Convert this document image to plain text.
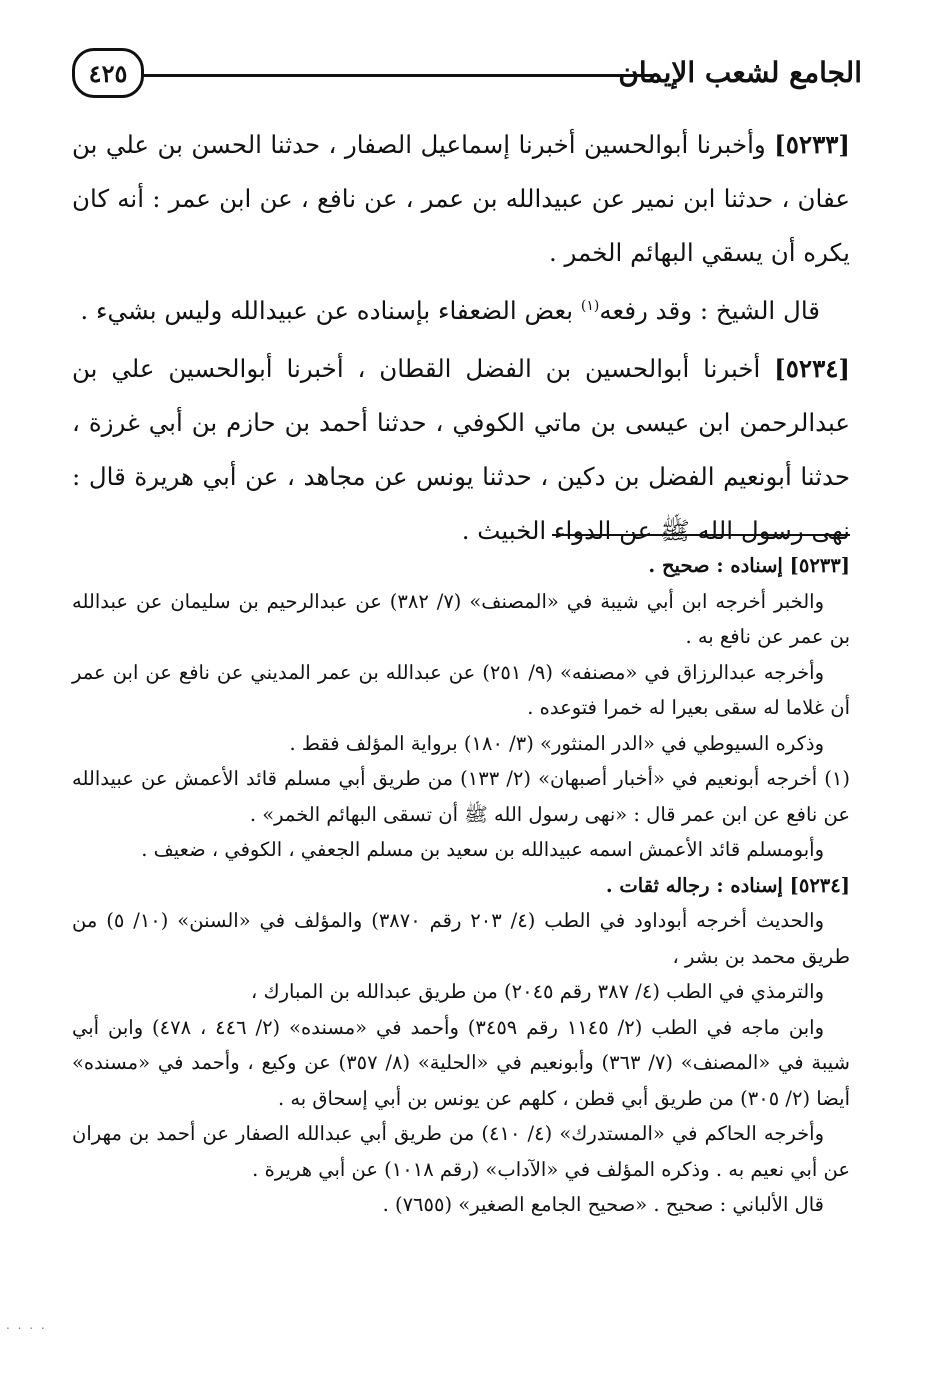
الجامع لشعب الإيمان
٤٢٥

[٥٢٣٣] وأخبرنا أبوالحسين أخبرنا إسماعيل الصفار ، حدثنا الحسن بن علي بن عفان ، حدثنا ابن نمير عن عبيدالله بن عمر ، عن نافع ، عن ابن عمر : أنه كان يكره أن يسقي البهائم الخمر .

قال الشيخ : وقد رفعه$^{(١)}$ بعض الضعفاء بإسناده عن عبيدالله وليس بشيء .

[٥٢٣٤] أخبرنا أبوالحسين بن الفضل القطان ، أخبرنا أبوالحسين علي بن عبدالرحمن ابن عيسى بن ماتي الكوفي ، حدثنا أحمد بن حازم بن أبي غرزة ، حدثنا أبونعيم الفضل بن دكين ، حدثنا يونس عن مجاهد ، عن أبي هريرة قال : نهى رسول الله ﷺ عن الدواء الخبيث .

[٥٢٣٣] إسناده : صحيح .

والخبر أخرجه ابن أبي شيبة في «المصنف» (٧/ ٣٨٢) عن عبدالرحيم بن سليمان عن عبدالله بن عمر عن نافع به .

وأخرجه عبدالرزاق في «مصنفه» (٩/ ٢٥١) عن عبدالله بن عمر المديني عن نافع عن ابن عمر أن غلاما له سقى بعيرا له خمرا فتوعده .

وذكره السيوطي في «الدر المنثور» (٣/ ١٨٠) برواية المؤلف فقط .

(١) أخرجه أبونعيم في «أخبار أصبهان» (٢/ ١٣٣) من طريق أبي مسلم قائد الأعمش عن عبيدالله عن نافع عن ابن عمر قال : «نهى رسول الله ﷺ أن تسقى البهائم الخمر» .

وأبومسلم قائد الأعمش اسمه عبيدالله بن سعيد بن مسلم الجعفي ، الكوفي ، ضعيف .

[٥٢٣٤] إسناده : رجاله ثقات .

والحديث أخرجه أبوداود في الطب (٤/ ٢٠٣ رقم ٣٨٧٠) والمؤلف في «السنن» (١٠/ ٥) من طريق محمد بن بشر ،

والترمذي في الطب (٤/ ٣٨٧ رقم ٢٠٤٥) من طريق عبدالله بن المبارك ،

وابن ماجه في الطب (٢/ ١١٤٥ رقم ٣٤٥٩) وأحمد في «مسنده» (٢/ ٤٤٦ ، ٤٧٨) وابن أبي شيبة في «المصنف» (٧/ ٣٦٣) وأبونعيم في «الحلية» (٨/ ٣٥٧) عن وكيع ، وأحمد في «مسنده» أيضا (٢/ ٣٠٥) من طريق أبي قطن ، كلهم عن يونس بن أبي إسحاق به .

وأخرجه الحاكم في «المستدرك» (٤/ ٤١٠) من طريق أبي عبدالله الصفار عن أحمد بن مهران عن أبي نعيم به . وذكره المؤلف في «الآداب» (رقم ١٠١٨) عن أبي هريرة .

قال الألباني : صحيح . «صحيح الجامع الصغير» (٧٦٥٥) .

. . . .
